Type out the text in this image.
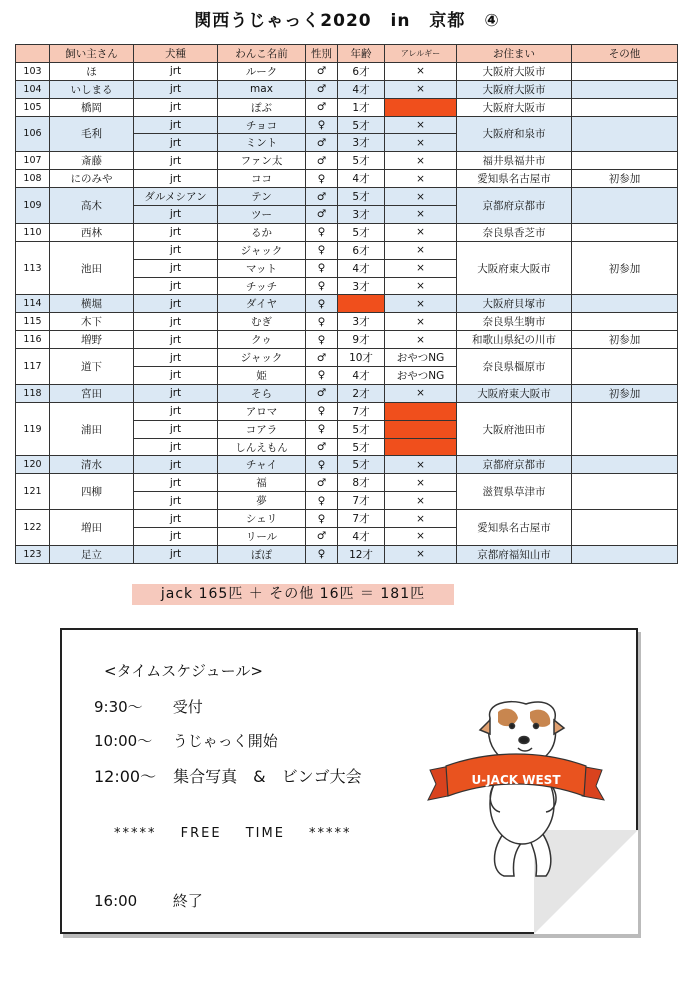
関西うじゃっく2020 in 京都 ④
	飼い主さん	犬種	わんこ名前	性別	年齢	アレルギー	お住まい	その他
103	ほ	jrt	ルーク	♂	6才	×	大阪府大阪市	
104	いしまる	jrt	max	♂	4才	×	大阪府大阪市	
105	橋岡	jrt	ぽぶ	♂	1才		大阪府大阪市	
106	毛利	jrt	チョコ	♀	5才	×	大阪府和泉市	
		jrt	ミント	♂	3才	×		
107	斎藤	jrt	ファン太	♂	5才	×	福井県福井市	
108	にのみや	jrt	ココ	♀	4才	×	愛知県名古屋市	初参加
109	高木	ダルメシアン	テン	♂	5才	×	京都府京都市	
		jrt	ツー	♂	3才	×		
110	西林	jrt	るか	♀	5才	×	奈良県香芝市	
113	池田	jrt	ジャック	♀	6才	×	大阪府東大阪市	初参加
		jrt	マット	♀	4才	×		
		jrt	チッチ	♀	3才	×		
114	横堀	jrt	ダイヤ	♀		×	大阪府貝塚市	
115	木下	jrt	むぎ	♀	3才	×	奈良県生駒市	
116	増野	jrt	クゥ	♀	9才	×	和歌山県紀の川市	初参加
117	道下	jrt	ジャック	♂	10才	おやつNG	奈良県橿原市	
		jrt	姫	♀	4才	おやつNG		
118	宮田	jrt	そら	♂	2才	×	大阪府東大阪市	初参加
119	浦田	jrt	アロマ	♀	7才		大阪府池田市	
		jrt	コアラ	♀	5才			
		jrt	しんえもん	♂	5才			
120	清水	jrt	チャイ	♀	5才	×	京都府京都市	
121	四柳	jrt	福	♂	8才	×	滋賀県草津市	
		jrt	夢	♀	7才	×		
122	増田	jrt	シェリ	♀	7才	×	愛知県名古屋市	
		jrt	リール	♂	4才	×		
123	足立	jrt	ぽぽ	♀	12才	×	京都府福知山市	
jack 165匹 ＋ その他 16匹 ＝ 181匹
<タイムスケジュール>
9:30～ 受付
10:00～ うじゃっく開始
12:00～ 集合写真　&　ビンゴ大会
***** FREE TIME *****
16:00 終了
U-JACK WEST
